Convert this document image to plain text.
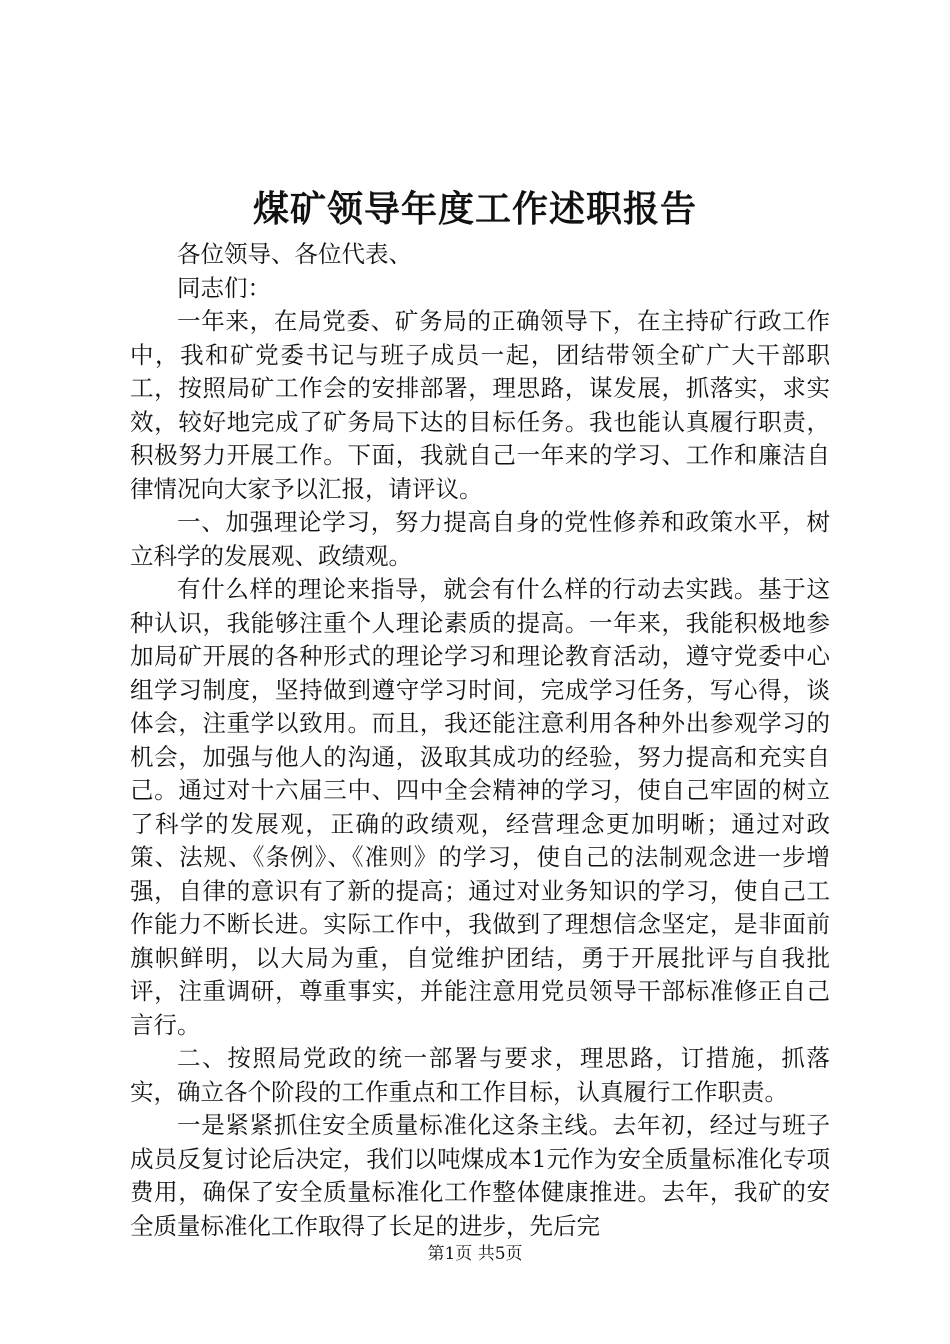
煤矿领导年度工作述职报告

各位领导、各位代表、

同志们：

一年来，在局党委、矿务局的正确领导下，在主持矿行政工作中，我和矿党委书记与班子成员一起，团结带领全矿广大干部职工，按照局矿工作会的安排部署，理思路，谋发展，抓落实，求实效，较好地完成了矿务局下达的目标任务。我也能认真履行职责，积极努力开展工作。下面，我就自己一年来的学习、工作和廉洁自律情况向大家予以汇报，请评议。

一、加强理论学习，努力提高自身的党性修养和政策水平，树立科学的发展观、政绩观。

有什么样的理论来指导，就会有什么样的行动去实践。基于这种认识，我能够注重个人理论素质的提高。一年来，我能积极地参加局矿开展的各种形式的理论学习和理论教育活动，遵守党委中心组学习制度，坚持做到遵守学习时间，完成学习任务，写心得，谈体会，注重学以致用。而且，我还能注意利用各种外出参观学习的机会，加强与他人的沟通，汲取其成功的经验，努力提高和充实自己。通过对十六届三中、四中全会精神的学习，使自己牢固的树立了科学的发展观，正确的政绩观，经营理念更加明晰；通过对政策、法规、《条例》、《准则》的学习，使自己的法制观念进一步增强，自律的意识有了新的提高；通过对业务知识的学习，使自己工作能力不断长进。实际工作中，我做到了理想信念坚定，是非面前旗帜鲜明，以大局为重，自觉维护团结，勇于开展批评与自我批评，注重调研，尊重事实，并能注意用党员领导干部标准修正自己言行。

二、按照局党政的统一部署与要求，理思路，订措施，抓落实，确立各个阶段的工作重点和工作目标，认真履行工作职责。

一是紧紧抓住安全质量标准化这条主线。去年初，经过与班子成员反复讨论后决定，我们以吨煤成本1元作为安全质量标准化专项费用，确保了安全质量标准化工作整体健康推进。去年，我矿的安全质量标准化工作取得了长足的进步，先后完

第1页 共5页
